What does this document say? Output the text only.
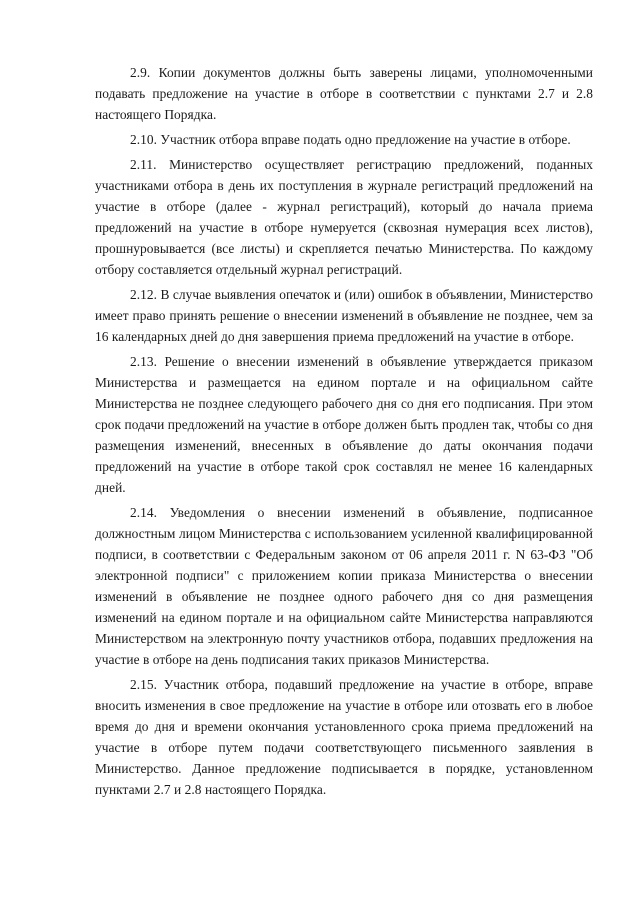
2.9. Копии документов должны быть заверены лицами, уполномоченными подавать предложение на участие в отборе в соответствии с пунктами 2.7 и 2.8 настоящего Порядка.

2.10. Участник отбора вправе подать одно предложение на участие в отборе.

2.11. Министерство осуществляет регистрацию предложений, поданных участниками отбора в день их поступления в журнале регистраций предложений на участие в отборе (далее - журнал регистраций), который до начала приема предложений на участие в отборе нумеруется (сквозная нумерация всех листов), прошнуровывается (все листы) и скрепляется печатью Министерства. По каждому отбору составляется отдельный журнал регистраций.

2.12. В случае выявления опечаток и (или) ошибок в объявлении, Министерство имеет право принять решение о внесении изменений в объявление не позднее, чем за 16 календарных дней до дня завершения приема предложений на участие в отборе.

2.13. Решение о внесении изменений в объявление утверждается приказом Министерства и размещается на едином портале и на официальном сайте Министерства не позднее следующего рабочего дня со дня его подписания. При этом срок подачи предложений на участие в отборе должен быть продлен так, чтобы со дня размещения изменений, внесенных в объявление до даты окончания подачи предложений на участие в отборе такой срок составлял не менее 16 календарных дней.

2.14. Уведомления о внесении изменений в объявление, подписанное должностным лицом Министерства с использованием усиленной квалифицированной подписи, в соответствии с Федеральным законом от 06 апреля 2011 г. N 63-ФЗ "Об электронной подписи" с приложением копии приказа Министерства о внесении изменений в объявление не позднее одного рабочего дня со дня размещения изменений на едином портале и на официальном сайте Министерства направляются Министерством на электронную почту участников отбора, подавших предложения на участие в отборе на день подписания таких приказов Министерства.

2.15. Участник отбора, подавший предложение на участие в отборе, вправе вносить изменения в свое предложение на участие в отборе или отозвать его в любое время до дня и времени окончания установленного срока приема предложений на участие в отборе путем подачи соответствующего письменного заявления в Министерство. Данное предложение подписывается в порядке, установленном пунктами 2.7 и 2.8 настоящего Порядка.
